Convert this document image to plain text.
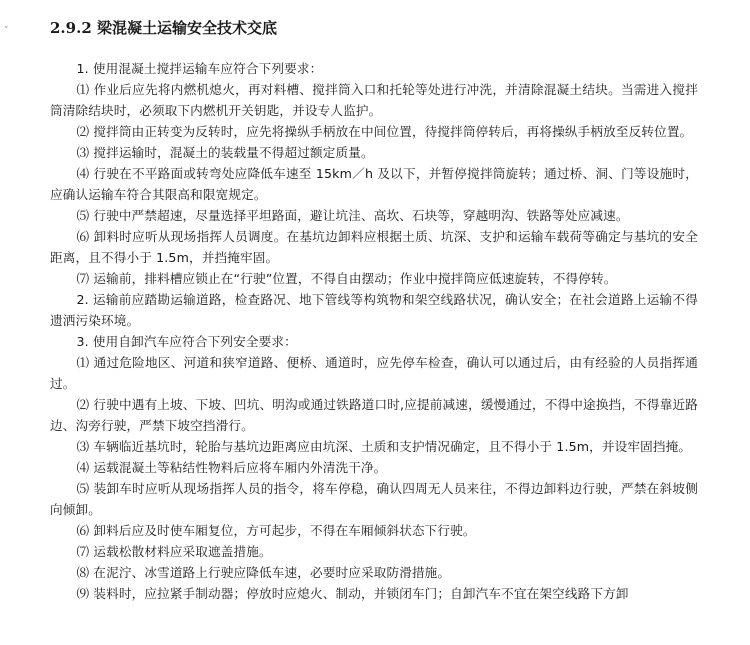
˅	2.9.2 梁混凝土运输安全技术交底

1. 使用混凝土搅拌运输车应符合下列要求：

⑴ 作业后应先将内燃机熄火，再对料槽、搅拌筒入口和托轮等处进行冲洗，并清除混凝土结块。当需进入搅拌筒清除结块时，必须取下内燃机开关钥匙，并设专人监护。

⑵ 搅拌筒由正转变为反转时，应先将操纵手柄放在中间位置，待搅拌筒停转后，再将操纵手柄放至反转位置。

⑶ 搅拌运输时，混凝土的装载量不得超过额定质量。

⑷ 行驶在不平路面或转弯处应降低车速至 15km／h 及以下，并暂停搅拌筒旋转；通过桥、洞、门等设施时，应确认运输车符合其限高和限宽规定。

⑸ 行驶中严禁超速，尽量选择平坦路面，避让坑洼、高坎、石块等，穿越明沟、铁路等处应减速。

⑹ 卸料时应听从现场指挥人员调度。在基坑边卸料应根据土质、坑深、支护和运输车载荷等确定与基坑的安全距离，且不得小于 1.5m，并挡掩牢固。

⑺ 运输前，排料槽应锁止在“行驶”位置，不得自由摆动；作业中搅拌筒应低速旋转，不得停转。

2. 运输前应踏勘运输道路，检查路况、地下管线等构筑物和架空线路状况，确认安全；在社会道路上运输不得遗洒污染环境。

3. 使用自卸汽车应符合下列安全要求：

⑴ 通过危险地区、河道和狭窄道路、便桥、通道时，应先停车检查，确认可以通过后，由有经验的人员指挥通过。

⑵ 行驶中遇有上坡、下坡、凹坑、明沟或通过铁路道口时,应提前减速，缓慢通过，不得中途换挡，不得靠近路边、沟旁行驶，严禁下坡空挡滑行。

⑶ 车辆临近基坑时，轮胎与基坑边距离应由坑深、土质和支护情况确定，且不得小于 1.5m，并设牢固挡掩。

⑷ 运载混凝土等粘结性物料后应将车厢内外清洗干净。

⑸ 装卸车时应听从现场指挥人员的指令，将车停稳，确认四周无人员来往，不得边卸料边行驶，严禁在斜坡侧向倾卸。

⑹ 卸料后应及时使车厢复位，方可起步，不得在车厢倾斜状态下行驶。

⑺ 运载松散材料应采取遮盖措施。

⑻ 在泥泞、冰雪道路上行驶应降低车速，必要时应采取防滑措施。

⑼ 装料时，应拉紧手制动器；停放时应熄火、制动，并锁闭车门；自卸汽车不宜在架空线路下方卸
